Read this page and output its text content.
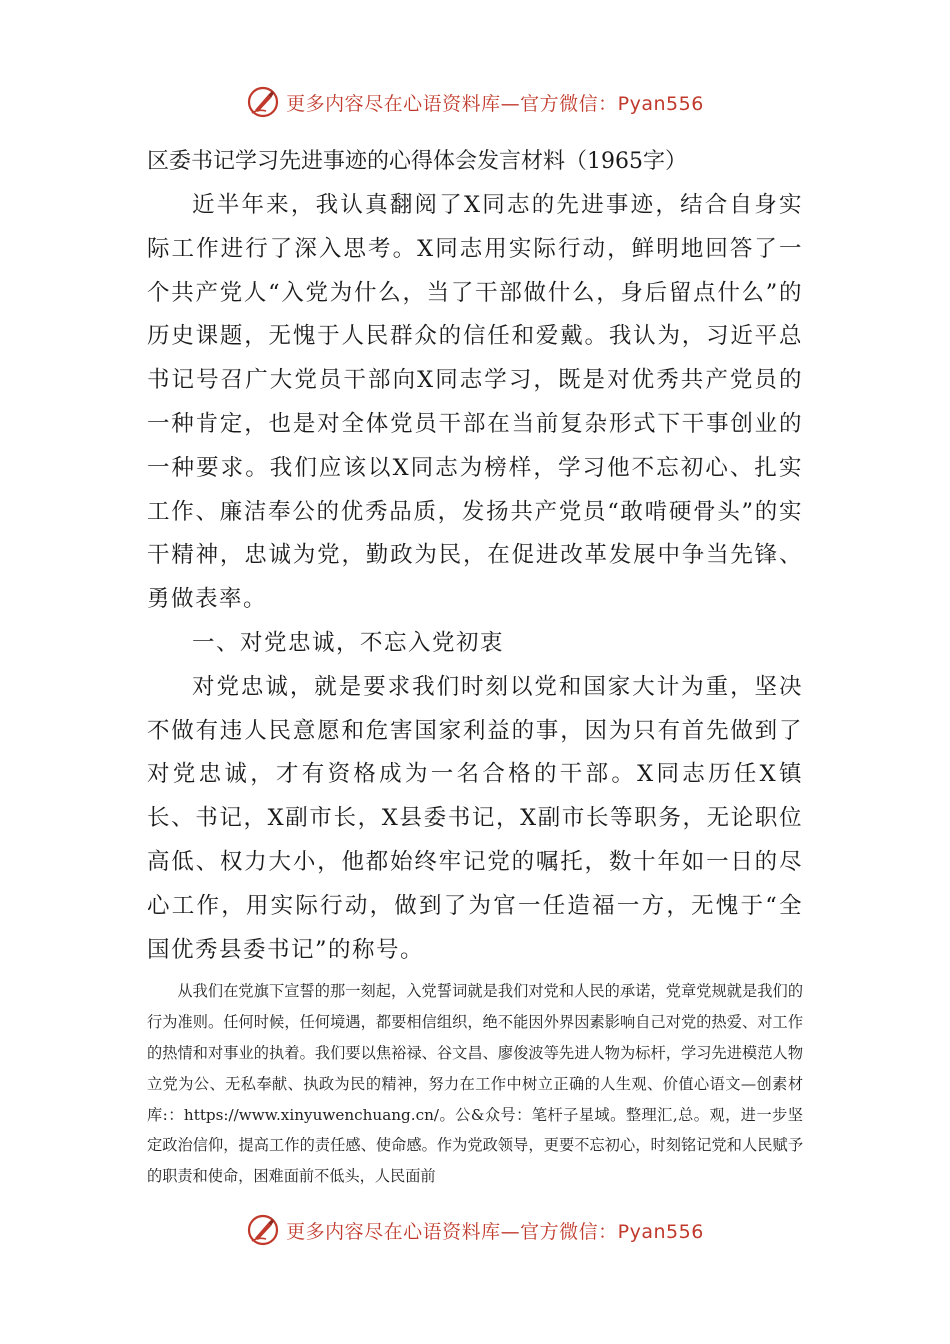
更多内容尽在心语资料库—官方微信：Pyan556
区委书记学习先进事迹的心得体会发言材料（1965字）

近半年来，我认真翻阅了X同志的先进事迹，结合自身实际工作进行了深入思考。X同志用实际行动，鲜明地回答了一个共产党人“入党为什么，当了干部做什么，身后留点什么”的历史课题，无愧于人民群众的信任和爱戴。我认为，习近平总书记号召广大党员干部向X同志学习，既是对优秀共产党员的一种肯定，也是对全体党员干部在当前复杂形式下干事创业的一种要求。我们应该以X同志为榜样，学习他不忘初心、扎实工作、廉洁奉公的优秀品质，发扬共产党员“敢啃硬骨头”的实干精神，忠诚为党，勤政为民，在促进改革发展中争当先锋、勇做表率。

一、对党忠诚，不忘入党初衷

对党忠诚，就是要求我们时刻以党和国家大计为重，坚决不做有违人民意愿和危害国家利益的事，因为只有首先做到了对党忠诚，才有资格成为一名合格的干部。X同志历任X镇长、书记，X副市长，X县委书记，X副市长等职务，无论职位高低、权力大小，他都始终牢记党的嘱托，数十年如一日的尽心工作，用实际行动，做到了为官一任造福一方，无愧于“全国优秀县委书记”的称号。

从我们在党旗下宣誓的那一刻起，入党誓词就是我们对党和人民的承诺，党章党规就是我们的行为准则。任何时候，任何境遇，都要相信组织，绝不能因外界因素影响自己对党的热爱、对工作的热情和对事业的执着。我们要以焦裕禄、谷文昌、廖俊波等先进人物为标杆，学习先进模范人物立党为公、无私奉献、执政为民的精神，努力在工作中树立正确的人生观、价值心语文—创素材库:：https://www.xinyuwenchuang.cn/。公&众号：笔杆子星域。整理汇,总。观，进一步坚定政治信仰，提高工作的责任感、使命感。作为党政领导，更要不忘初心，时刻铭记党和人民赋予的职责和使命，困难面前不低头，人民面前

更多内容尽在心语资料库—官方微信：Pyan556
